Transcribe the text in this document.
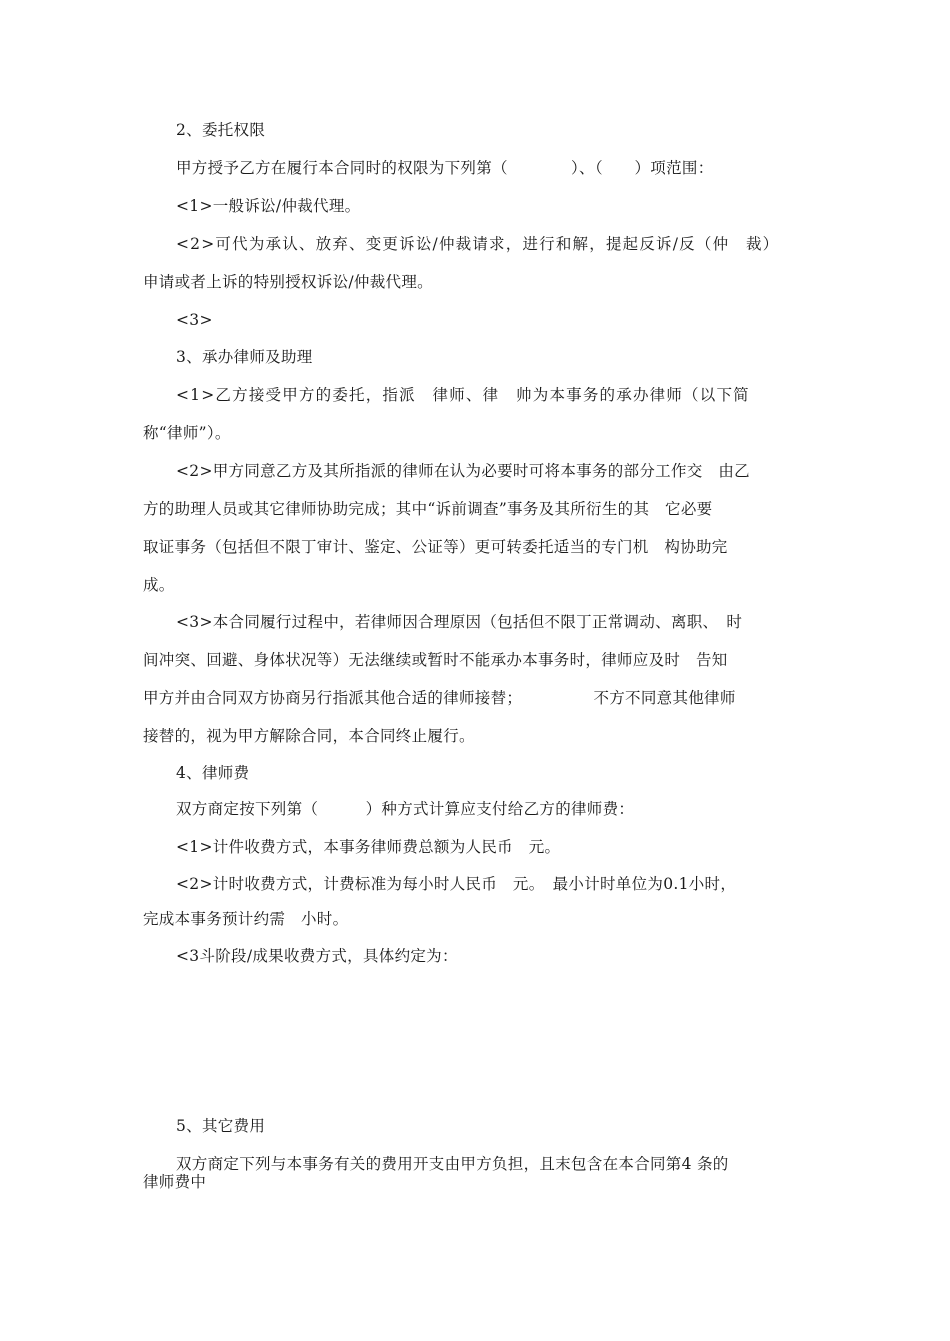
2、委托权限
甲方授予乙方在履行本合同时的权限为下列第（　　　　）、（　　）项范围：
<1>一般诉讼/仲裁代理。
<2>可代为承认、放弃、变更诉讼/仲裁请求，进行和解，提起反诉/反（仲　裁）
申请或者上诉的特别授权诉讼/仲裁代理。
<3>
3、承办律师及助理
<1>乙方接受甲方的委托，指派　律师、律　帅为本事务的承办律师（以下简
称“律师”）。
<2>甲方同意乙方及其所指派的律师在认为必要时可将本事务的部分工作交　由乙
方的助理人员或其它律师协助完成；其中“诉前调查”事务及其所衍生的其　它必要
取证事务（包括但不限丁审计、鉴定、公证等）更可转委托适当的专门机　构协助完
成。
<3>本合同履行过程中，若律师因合理原因（包括但不限丁正常调动、离职、　时
间冲突、回避、身体状况等）无法继续或暂时不能承办本事务时，律师应及时　告知
甲方并由合同双方协商另行指派其他合适的律师接替；　　　　　不方不同意其他律师
接替的，视为甲方解除合同，本合同终止履行。
4、律师费
双方商定按下列第（　　　）种方式计算应支付给乙方的律师费：
<1>计件收费方式，本事务律师费总额为人民币　元。
<2>计时收费方式，计费标准为每小时人民币　元。　最小计时单位为0.1小时，
完成本事务预计约需　小时。
<3斗阶段/成果收费方式，具体约定为：
5、其它费用
双方商定下列与本事务有关的费用开支由甲方负担，且末包含在本合同第4 条的
律师费中
